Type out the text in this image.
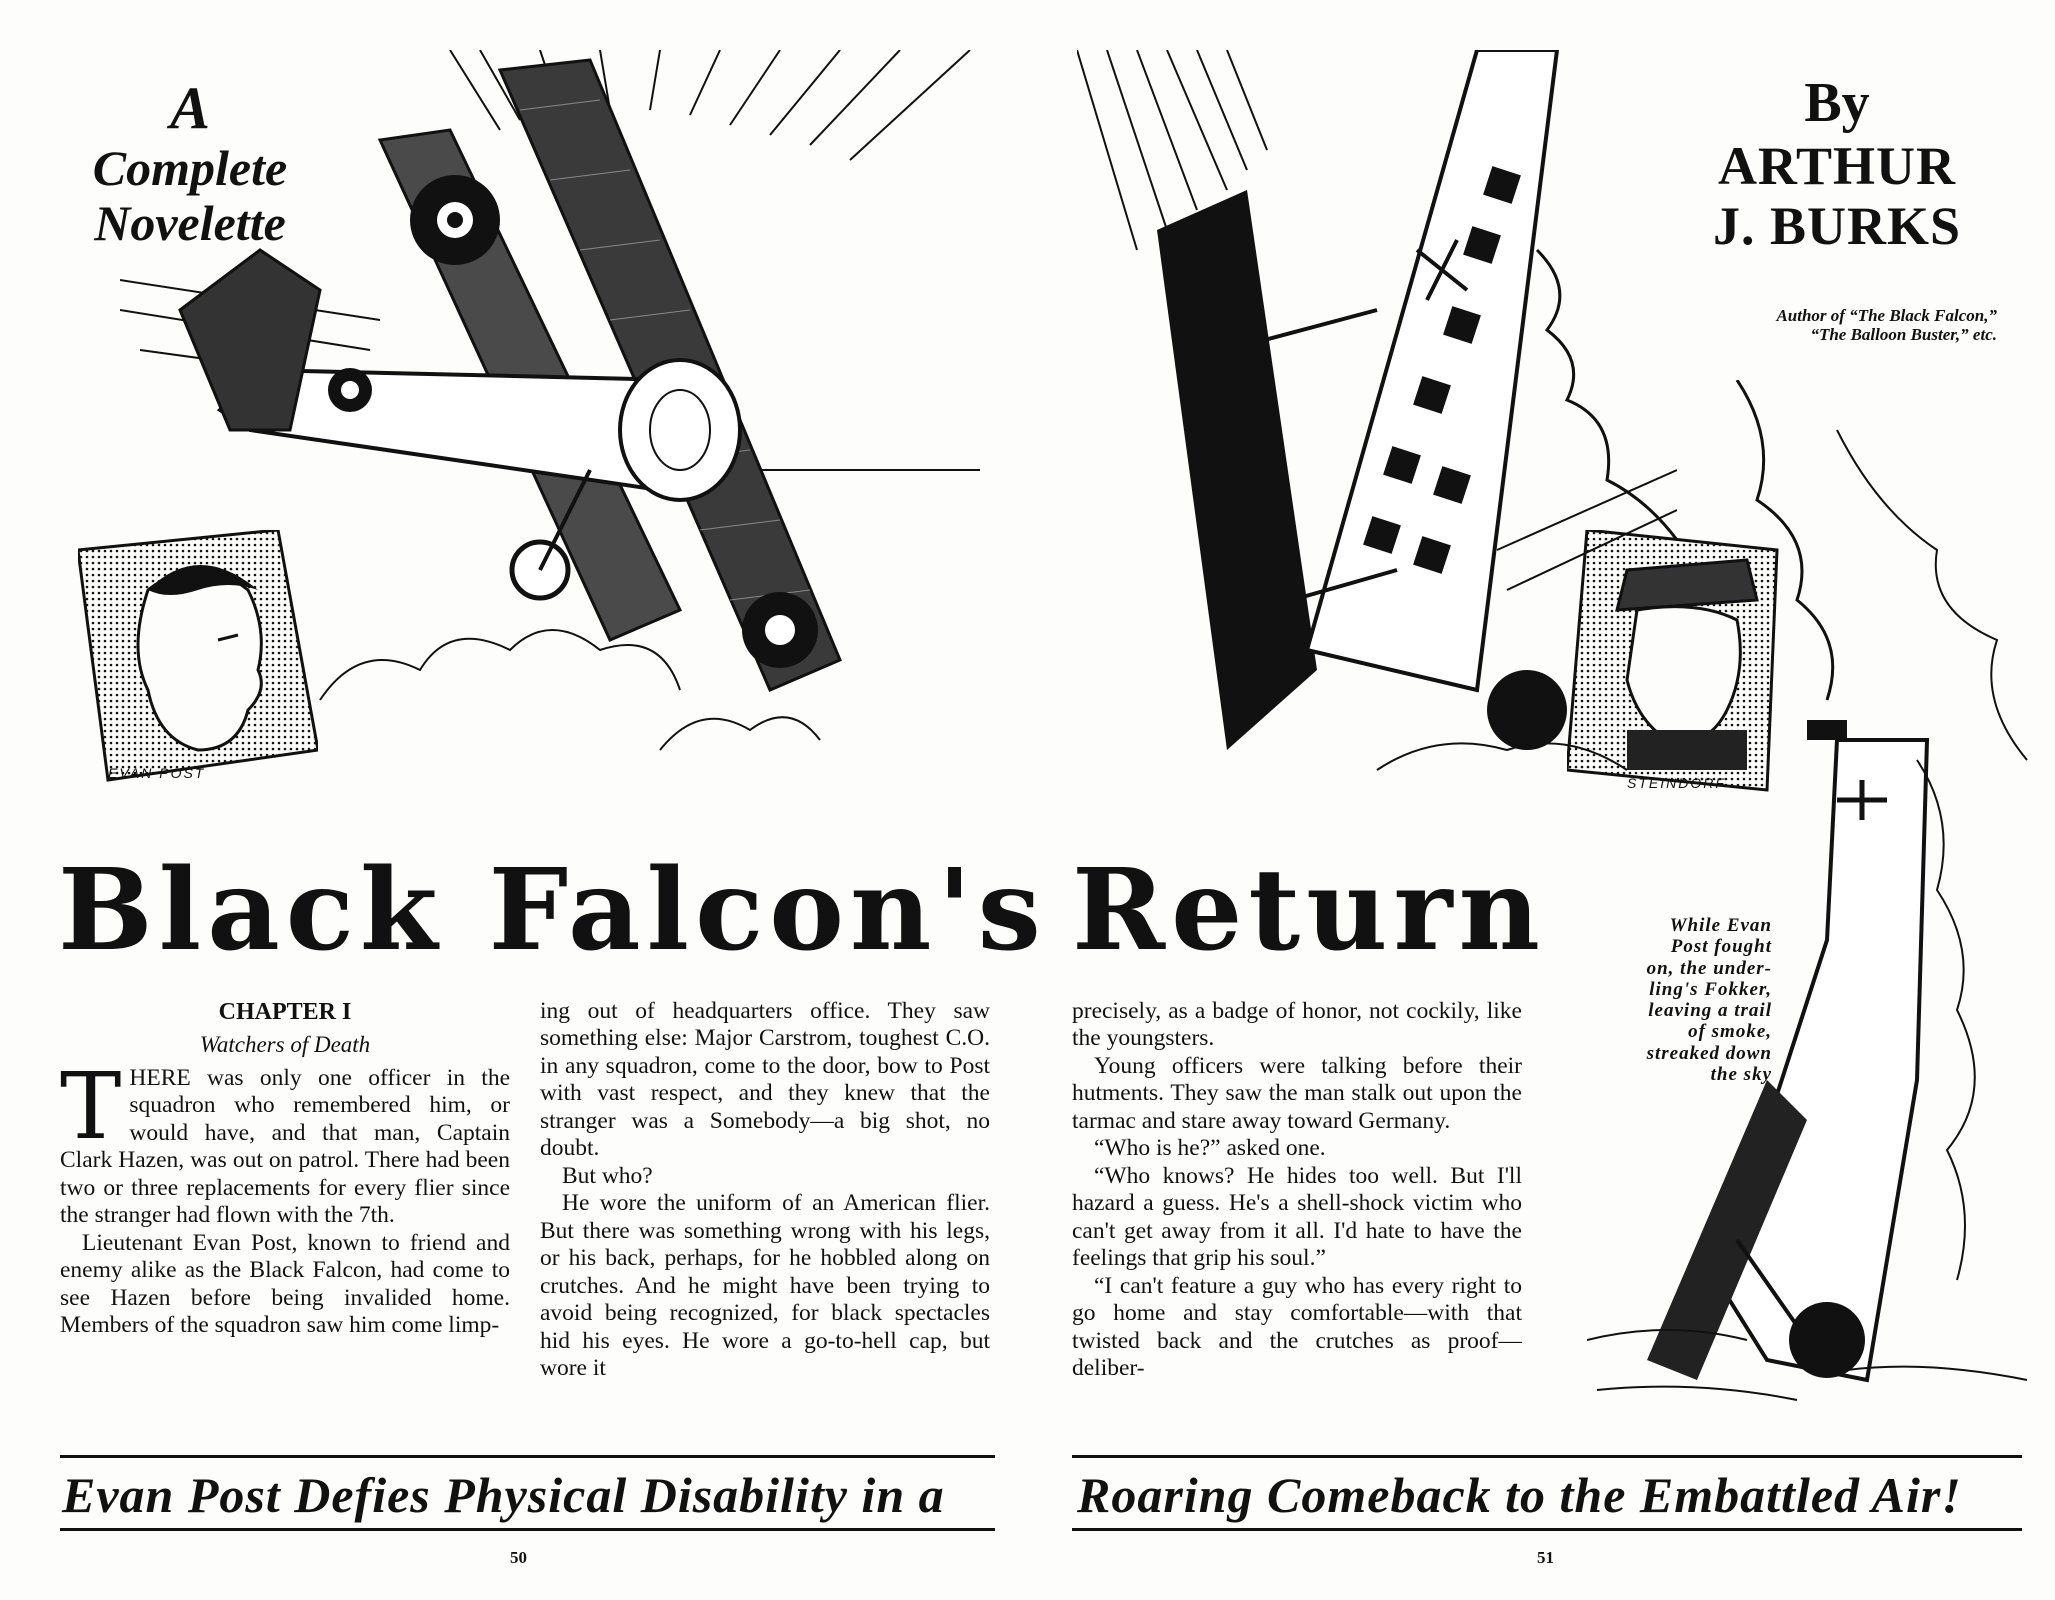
A
Complete
Novelette
EVAN POST
Black Falcon's
CHAPTER I
Watchers of Death

THERE was only one officer in the squadron who remembered him, or would have, and that man, Captain Clark Hazen, was out on patrol. There had been two or three replacements for every flier since the stranger had flown with the 7th.

Lieutenant Evan Post, known to friend and enemy alike as the Black Falcon, had come to see Hazen before being invalided home. Members of the squadron saw him come limp-

ing out of headquarters office. They saw something else: Major Carstrom, toughest C.O. in any squadron, come to the door, bow to Post with vast respect, and they knew that the stranger was a Somebody—a big shot, no doubt.

But who?

He wore the uniform of an American flier. But there was something wrong with his legs, or his back, perhaps, for he hobbled along on crutches. And he might have been trying to avoid being recognized, for black spectacles hid his eyes. He wore a go-to-hell cap, but wore it

Evan Post Defies Physical Disability in a
50
STEINDORF
By
ARTHUR
J. BURKS
Author of “The Black Falcon,”
“The Balloon Buster,” etc.
Return	While Evan
Post fought
on, the under-
ling's Fokker,
leaving a trail
of smoke,
streaked down
the sky

precisely, as a badge of honor, not cockily, like the youngsters.

Young officers were talking before their hutments. They saw the man stalk out upon the tarmac and stare away toward Germany.

“Who is he?” asked one.

“Who knows? He hides too well. But I'll hazard a guess. He's a shell-shock victim who can't get away from it all. I'd hate to have the feelings that grip his soul.”

“I can't feature a guy who has every right to go home and stay comfortable—with that twisted back and the crutches as proof—deliber-

Roaring Comeback to the Embattled Air!
51
